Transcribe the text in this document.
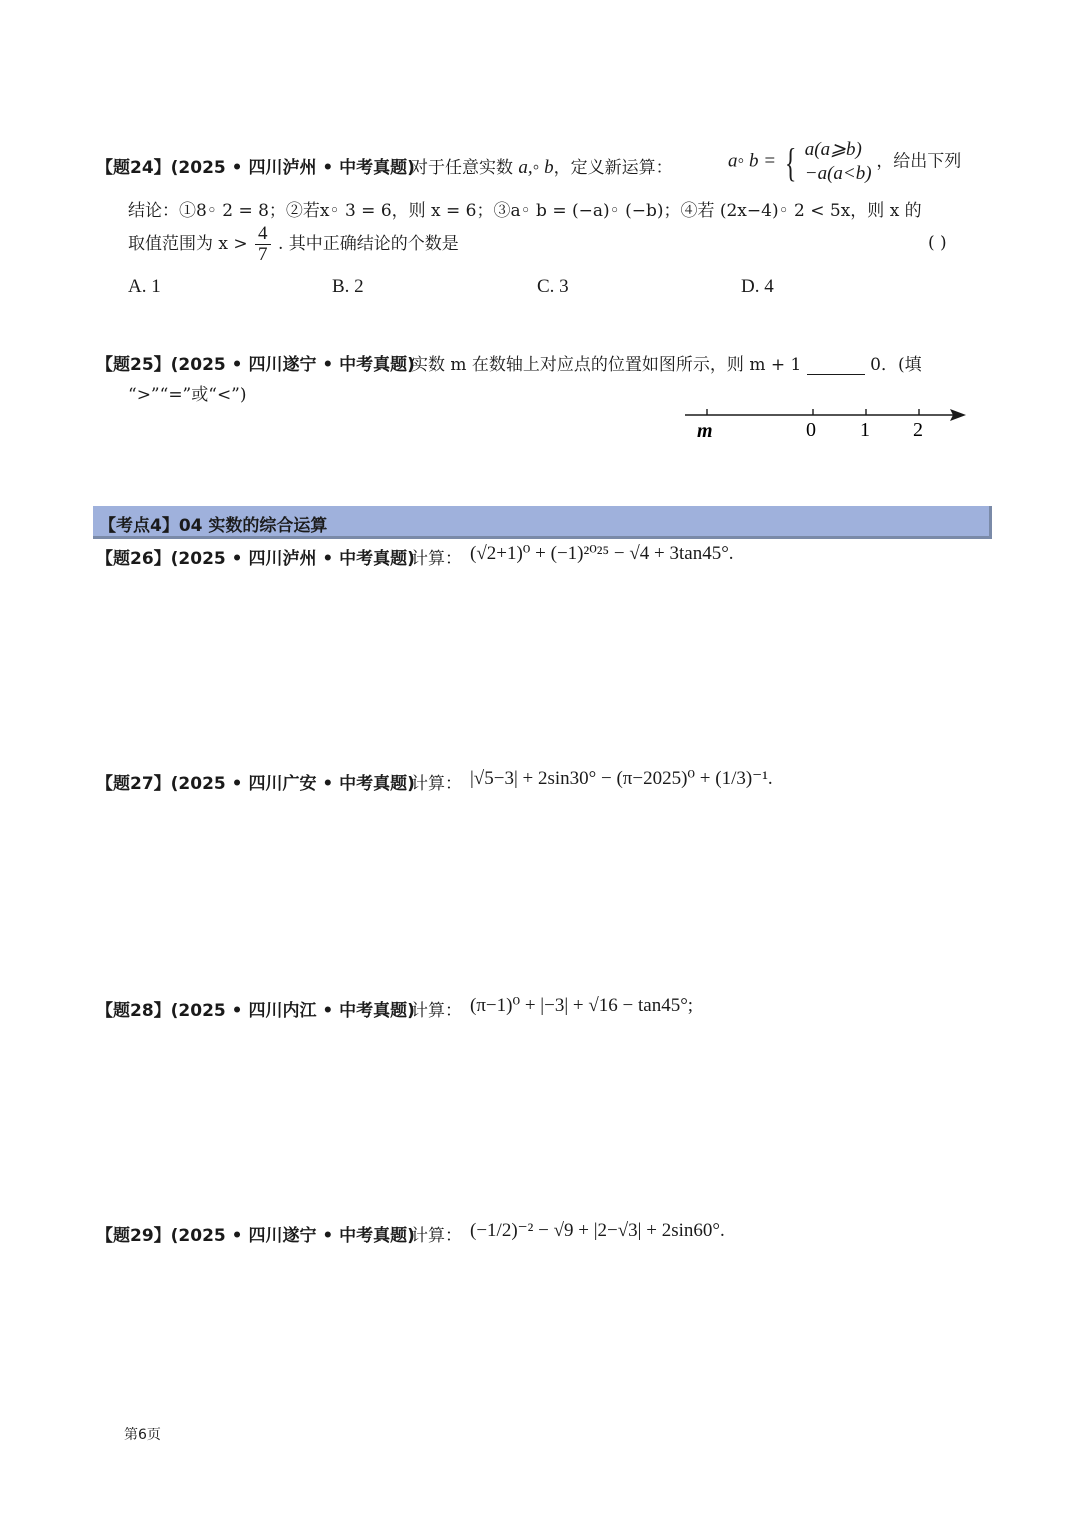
【题24】(2025 • 四川泸州 • 中考真题)
对于任意实数 a,◦ b，定义新运算：	a◦ b = { a(a⩾b)
−a(a<b)
，给出下列
结论：①8◦ 2 = 8；②若x◦ 3 = 6，则 x = 6；③a◦ b = (−a)◦ (−b)；④若 (2x−4)◦ 2 < 5x，则 x 的
取值范围为 $x > \frac{4}{7}$ . 其中正确结论的个数是	( )
A. 1	B. 2	C. 3	D. 4
【题25】(2025 • 四川遂宁 • 中考真题)
实数 m 在数轴上对应点的位置如图所示，则 m + 1	0．(填
“>”“=”或“<”)
m	0 1 2
【考点4】04 实数的综合运算
【题26】(2025 • 四川泸州 • 中考真题)
计算： (√2+1)⁰ + (−1)²⁰²⁵ − √4 + 3tan45°.
【题27】(2025 • 四川广安 • 中考真题)
计算： |√5−3| + 2sin30° − (π−2025)⁰ + (1/3)⁻¹.
【题28】(2025 • 四川内江 • 中考真题)
计算： (π−1)⁰ + |−3| + √16 − tan45°;
【题29】(2025 • 四川遂宁 • 中考真题)
计算： (−1/2)⁻² − √9 + |2−√3| + 2sin60°.
第6页
